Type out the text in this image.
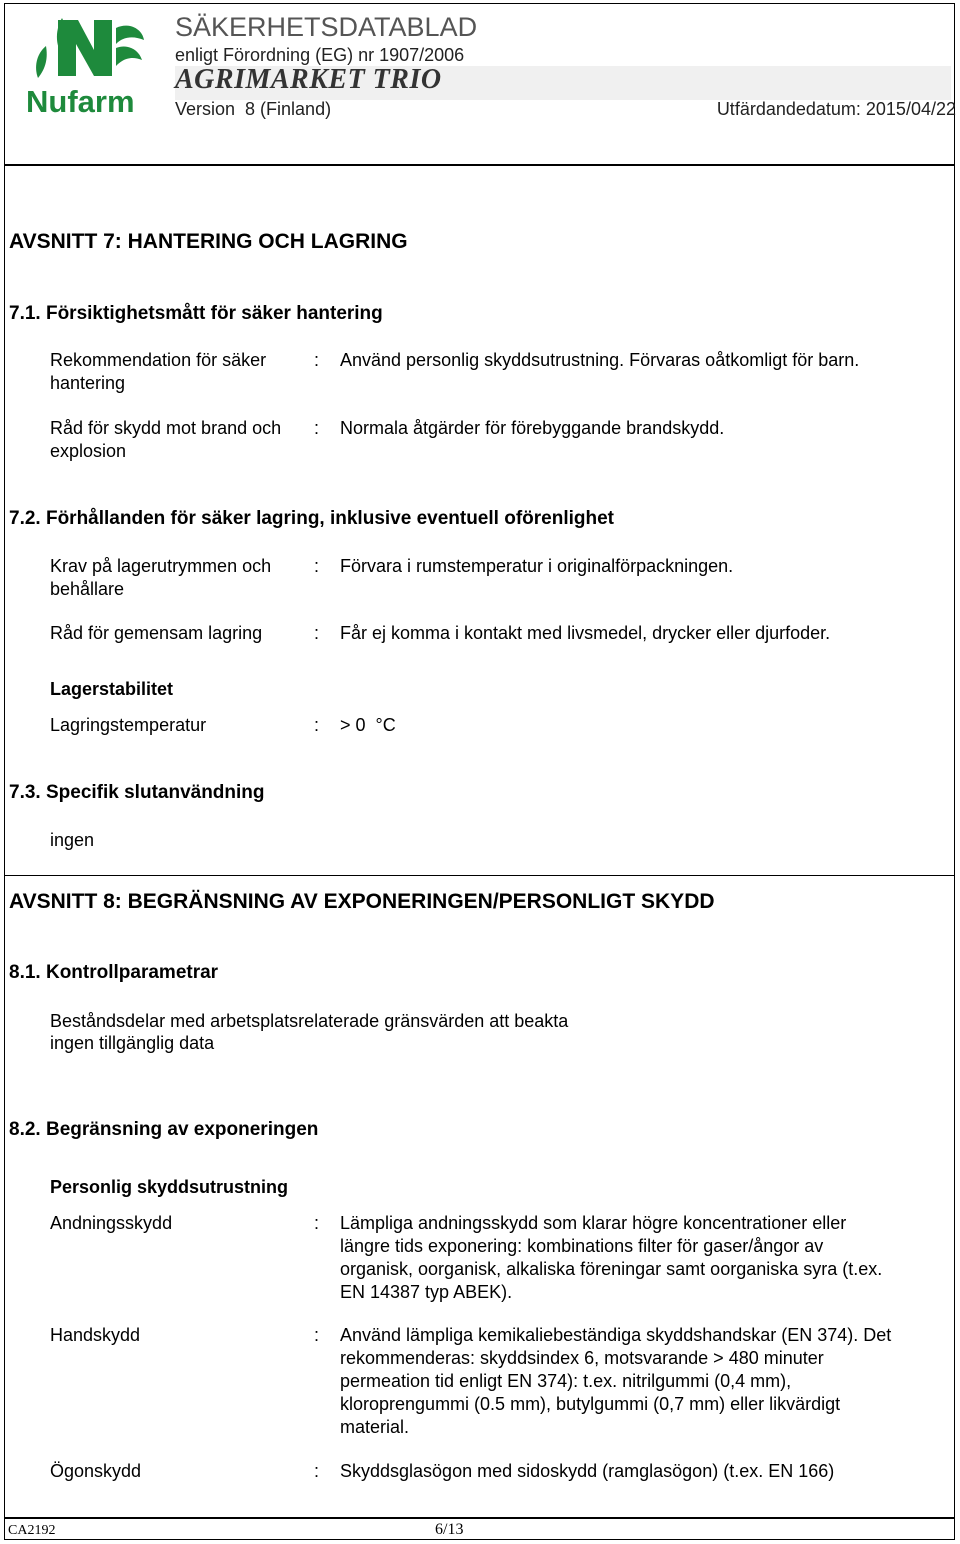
Nufarm
SÄKERHETSDATABLAD
enligt Förordning (EG) nr 1907/2006
AGRIMARKET TRIO
Version  8 (Finland)	Utfärdandedatum: 2015/04/22
AVSNITT 7: HANTERING OCH LAGRING
7.1. Försiktighetsmått för säker hantering
Rekommendation för säker hantering
: Använd personlig skyddsutrustning. Förvaras oåtkomligt för barn.
Råd för skydd mot brand och explosion
: Normala åtgärder för förebyggande brandskydd.
7.2. Förhållanden för säker lagring, inklusive eventuell oförenlighet
Krav på lagerutrymmen och behållare
: Förvara i rumstemperatur i originalförpackningen.
Råd för gemensam lagring	: Får ej komma i kontakt med livsmedel, drycker eller djurfoder.
Lagerstabilitet
Lagringstemperatur	: > 0  °C
7.3. Specifik slutanvändning
ingen
AVSNITT 8: BEGRÄNSNING AV EXPONERINGEN/PERSONLIGT SKYDD
8.1. Kontrollparametrar
Beståndsdelar med arbetsplatsrelaterade gränsvärden att beakta
ingen tillgänglig data
8.2. Begränsning av exponeringen
Personlig skyddsutrustning
Andningsskydd	: Lämpliga andningsskydd som klarar högre koncentrationer eller längre tids exponering: kombinations filter för gaser/ångor av organisk, oorganisk, alkaliska föreningar samt oorganiska syra (t.ex. EN 14387 typ ABEK).
Handskydd	: Använd lämpliga kemikaliebeständiga skyddshandskar (EN 374). Det rekommenderas: skyddsindex 6, motsvarande > 480 minuter permeation tid enligt EN 374): t.ex. nitrilgummi (0,4 mm), kloroprengummi (0.5 mm), butylgummi (0,7 mm) eller likvärdigt material.
Ögonskydd	: Skyddsglasögon med sidoskydd (ramglasögon) (t.ex. EN 166)
CA2192	6/13
